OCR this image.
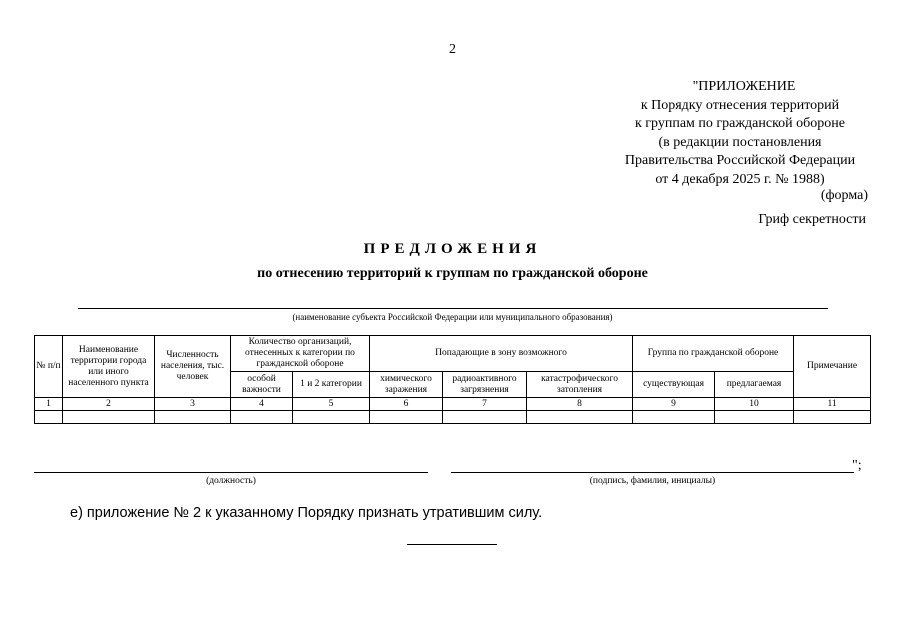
2
"ПРИЛОЖЕНИЕ
к Порядку отнесения территорий
к группам по гражданской обороне
(в редакции постановления
Правительства Российской Федерации
от 4 декабря 2025 г. № 1988)
(форма)
Гриф секретности
ПРЕДЛОЖЕНИЯ
по отнесению территорий к группам по гражданской обороне
(наименование субъекта Российской Федерации или муниципального образования)
№ п/п	Наименование территории города или иного населенного пункта	Численность населения, тыс. человек	Количество организаций, отнесенных к категории по гражданской обороне		Попадающие в зону возможного			Группа по гражданской обороне		Примечание
			особой важности	1 и 2 категории	химического заражения	радиоактивного загрязнения	катастрофического затопления	существующая	предлагаемая	
1	2	3	4	5	6	7	8	9	10	11

";
(должность)	(подпись, фамилия, инициалы)
е) приложение № 2 к указанному Порядку признать утратившим силу.
